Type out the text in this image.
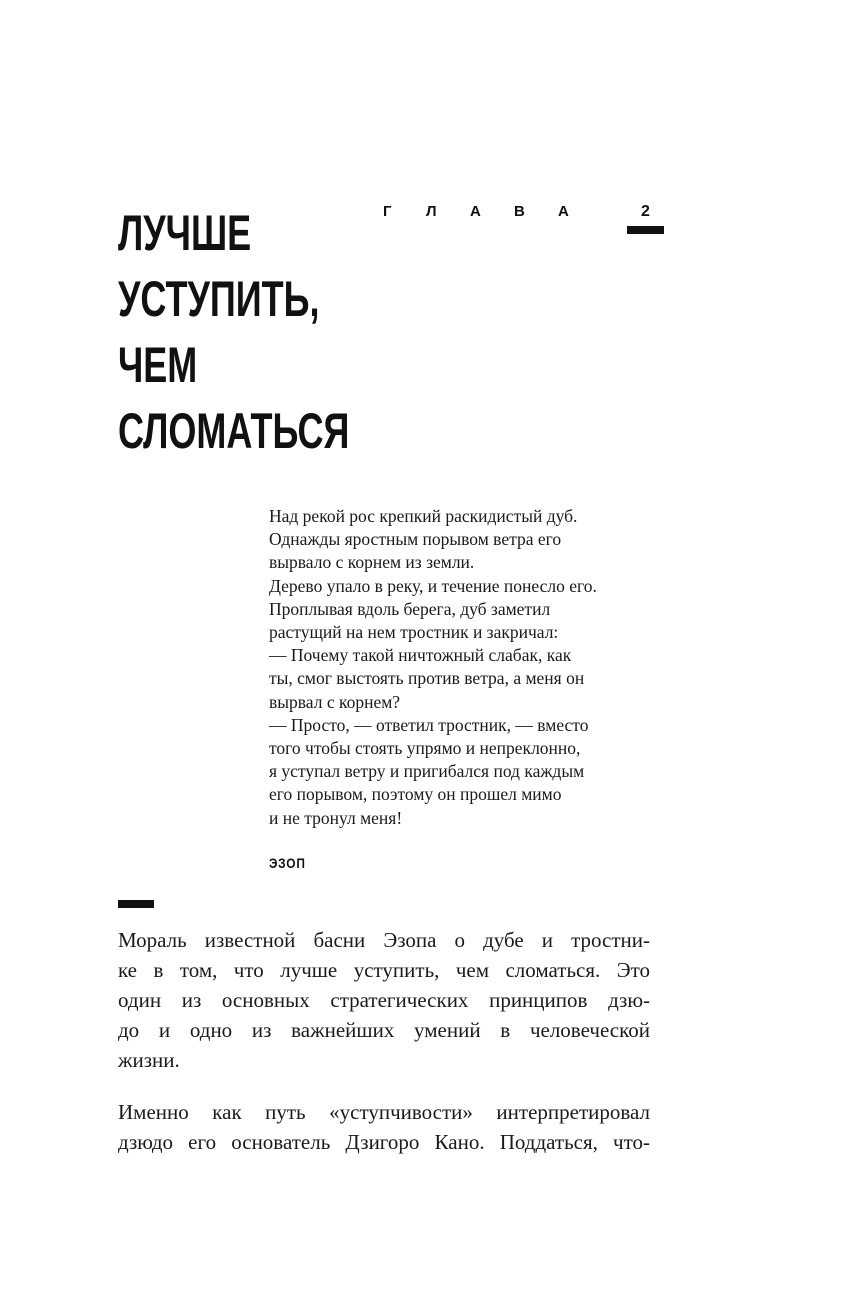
ЛУЧШЕ
УСТУПИТЬ,
ЧЕМ
СЛОМАТЬСЯ
Г Л А В А	2
Над рекой рос крепкий раскидистый дуб.
Однажды яростным порывом ветра его
вырвало с корнем из земли.
Дерево упало в реку, и течение понесло его.
Проплывая вдоль берега, дуб заметил
растущий на нем тростник и закричал:
— Почему такой ничтожный слабак, как
ты, смог выстоять против ветра, а меня он
вырвал с корнем?
— Просто, — ответил тростник, — вместо
того чтобы стоять упрямо и непреклонно,
я уступал ветру и пригибался под каждым
его порывом, поэтому он прошел мимо
и не тронул меня!
ЭЗОП
Мораль известной басни Эзопа о дубе и тростни-
ке в том, что лучше уступить, чем сломаться. Это
один из основных стратегических принципов дзю-
до и одно из важнейших умений в человеческой
жизни.
Именно как путь «уступчивости» интерпретировал
дзюдо его основатель Дзигоро Кано. Поддаться, что-
